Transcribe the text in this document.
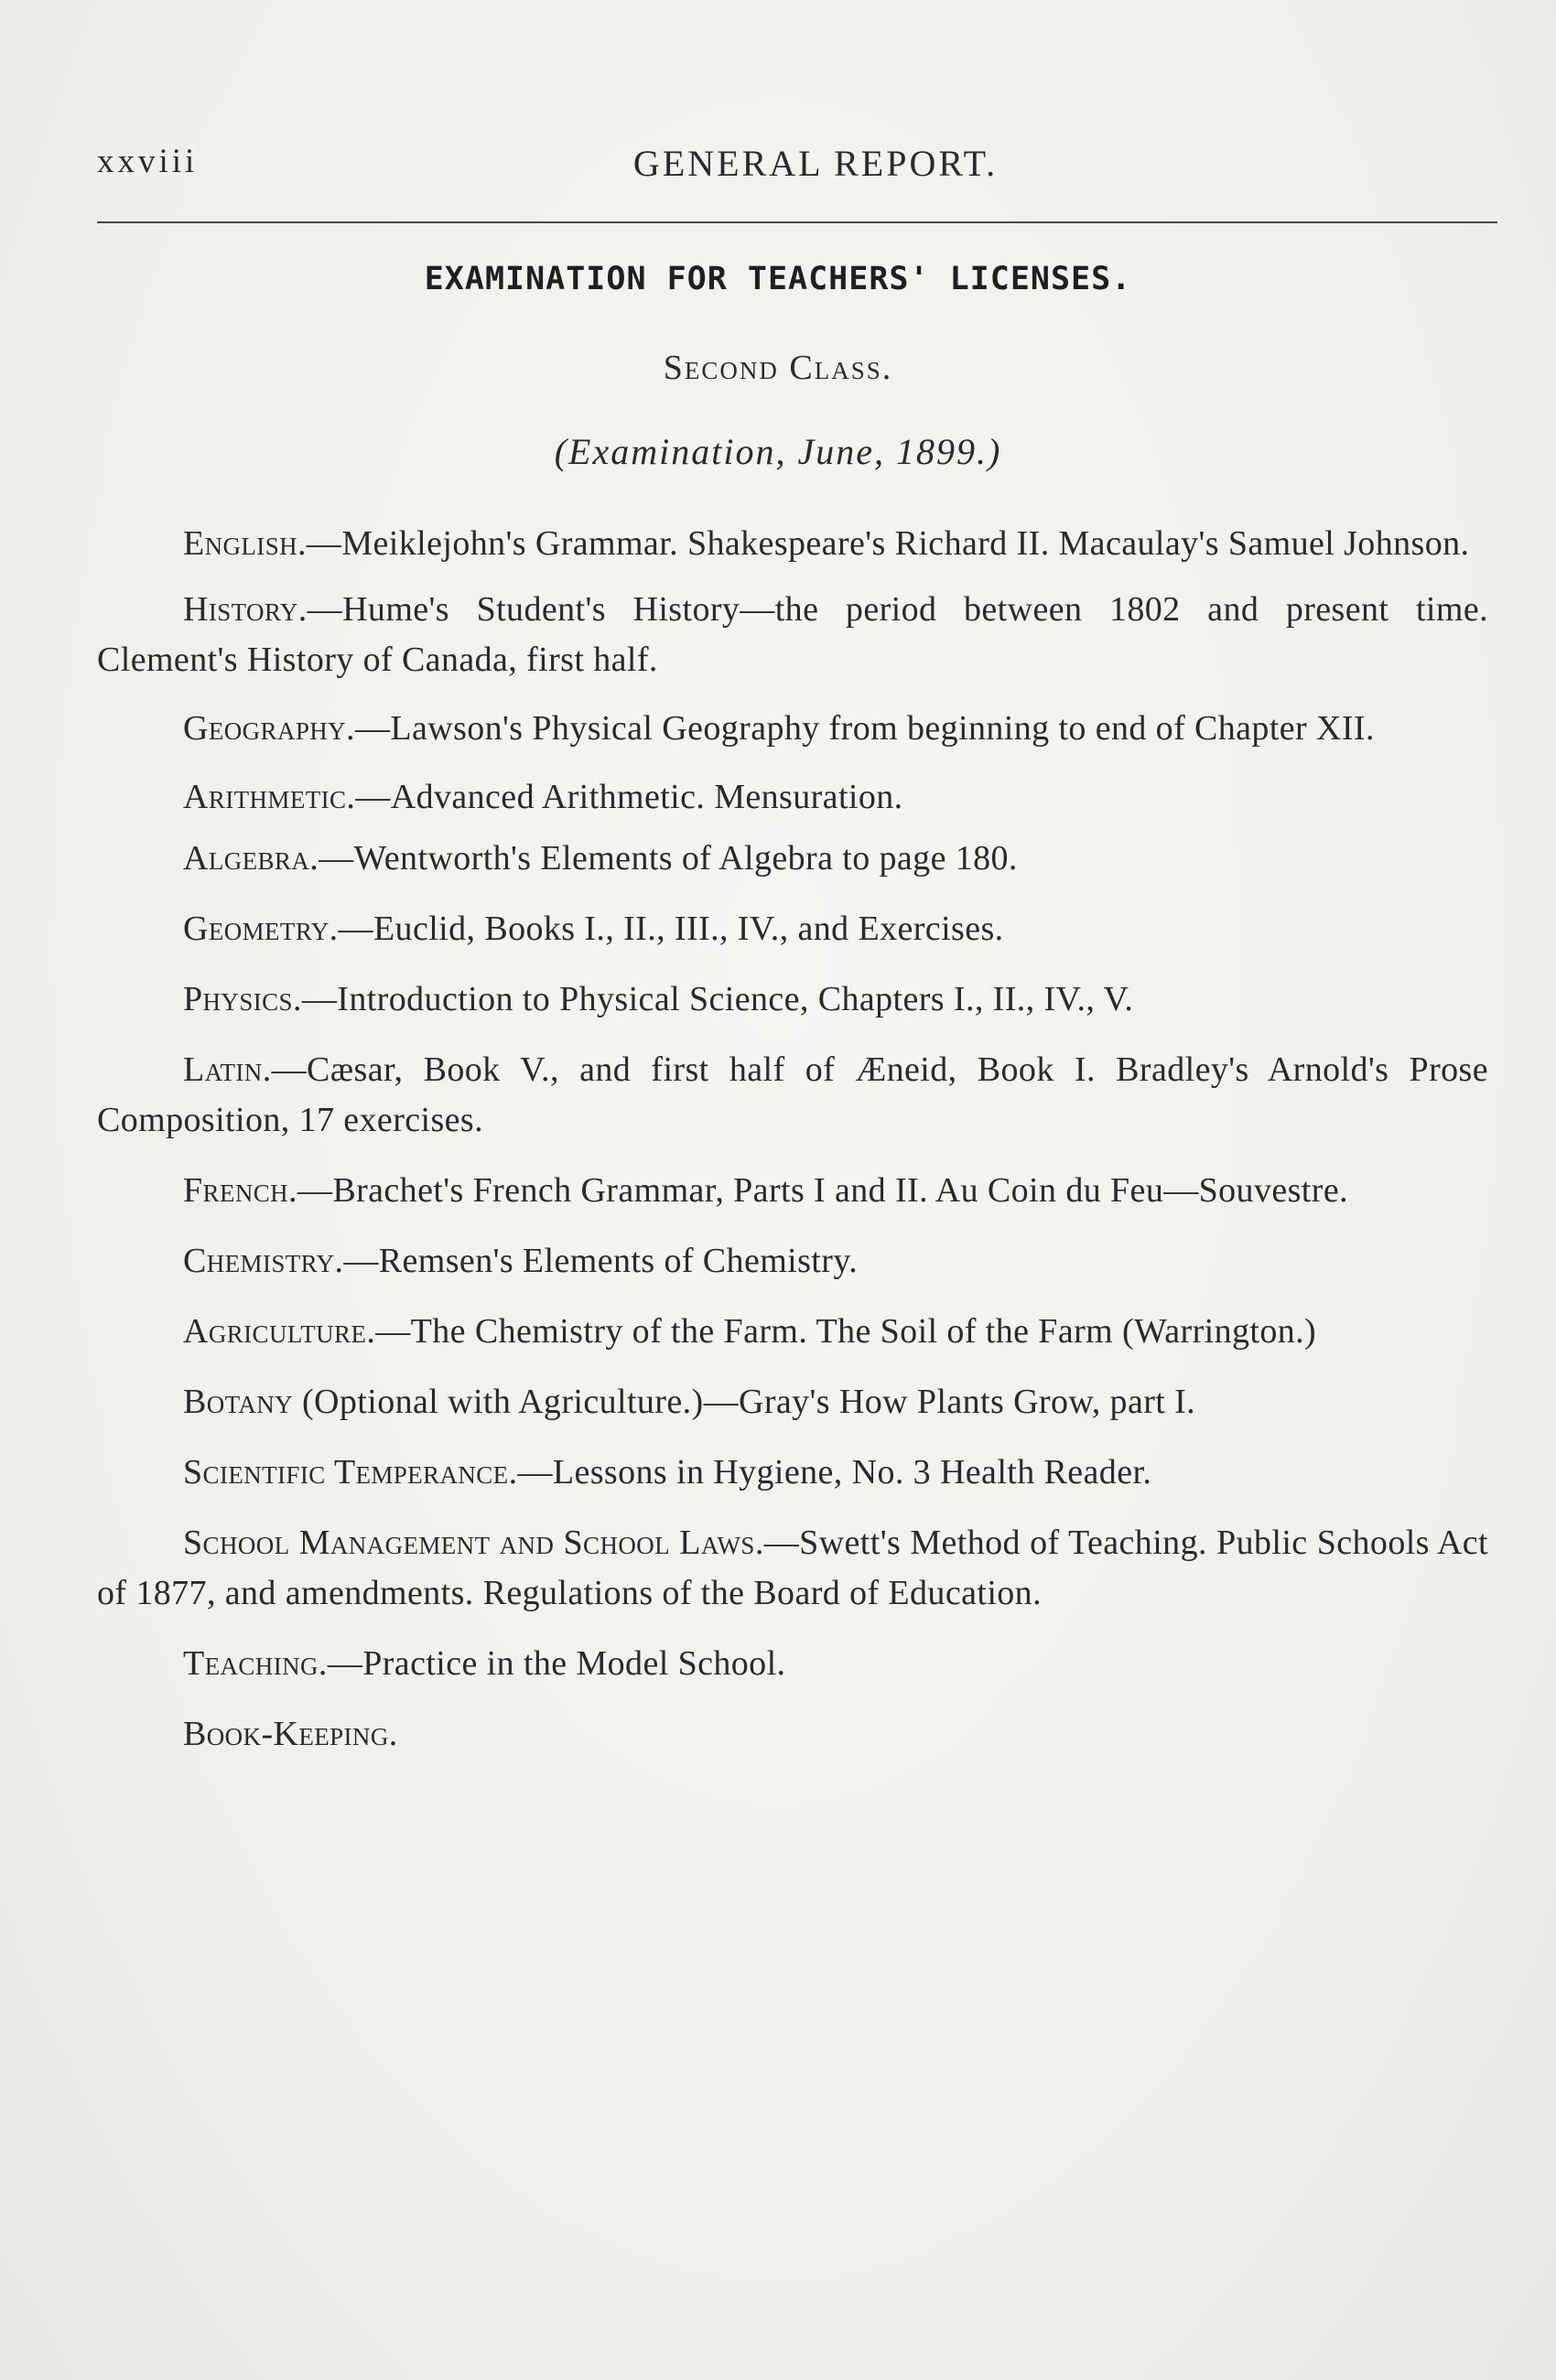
xxviii	GENERAL REPORT.
EXAMINATION FOR TEACHERS' LICENSES.
Second Class.
(Examination, June, 1899.)

English.—Meiklejohn's Grammar. Shakespeare's Richard II. Macaulay's Samuel Johnson.

History.—Hume's Student's History—the period between 1802 and present time. Clement's History of Canada, first half.

Geography.—Lawson's Physical Geography from beginning to end of Chapter XII.

Arithmetic.—Advanced Arithmetic. Mensuration.

Algebra.—Wentworth's Elements of Algebra to page 180.

Geometry.—Euclid, Books I., II., III., IV., and Exercises.

Physics.—Introduction to Physical Science, Chapters I., II., IV., V.

Latin.—Cæsar, Book V., and first half of Æneid, Book I. Bradley's Arnold's Prose Composition, 17 exercises.

French.—Brachet's French Grammar, Parts I and II. Au Coin du Feu—Souvestre.

Chemistry.—Remsen's Elements of Chemistry.

Agriculture.—The Chemistry of the Farm. The Soil of the Farm (Warrington.)

Botany (Optional with Agriculture.)—Gray's How Plants Grow, part I.

Scientific Temperance.—Lessons in Hygiene, No. 3 Health Reader.

School Management and School Laws.—Swett's Method of Teaching. Public Schools Act of 1877, and amendments. Regulations of the Board of Education.

Teaching.—Practice in the Model School.

Book-Keeping.
